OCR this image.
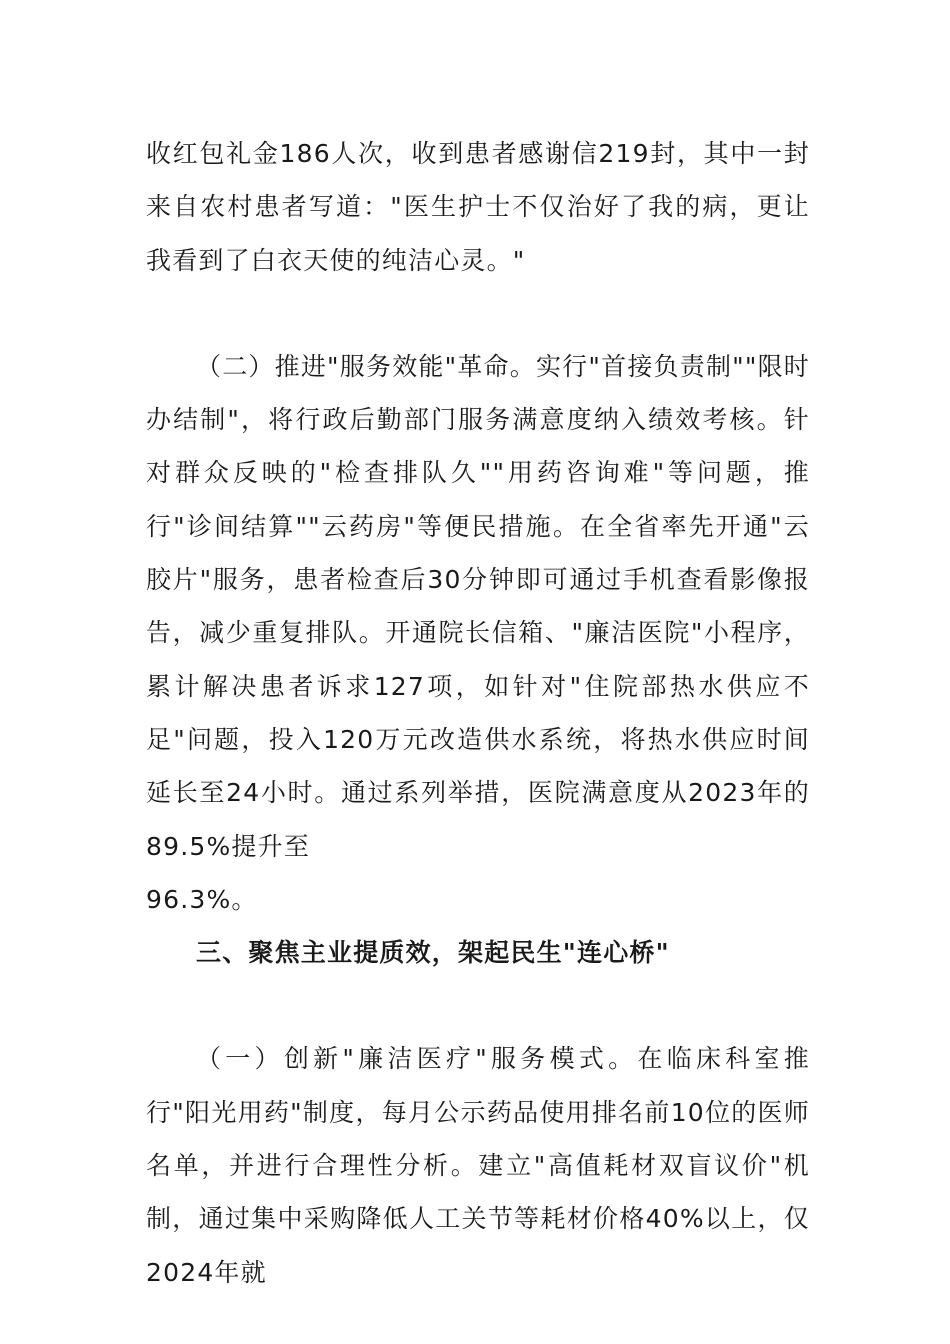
收红包礼金186人次，收到患者感谢信219封，其中一封来自农村患者写道："医生护士不仅治好了我的病，更让我看到了白衣天使的纯洁心灵。"

（二）推进"服务效能"革命。实行"首接负责制""限时办结制"，将行政后勤部门服务满意度纳入绩效考核。针对群众反映的"检查排队久""用药咨询难"等问题，推行"诊间结算""云药房"等便民措施。在全省率先开通"云胶片"服务，患者检查后30分钟即可通过手机查看影像报告，减少重复排队。开通院长信箱、"廉洁医院"小程序，累计解决患者诉求127项，如针对"住院部热水供应不足"问题，投入120万元改造供水系统，将热水供应时间延长至24小时。通过系列举措，医院满意度从2023年的89.5%提升至

96.3%。

三、聚焦主业提质效，架起民生"连心桥"

（一）创新"廉洁医疗"服务模式。在临床科室推行"阳光用药"制度，每月公示药品使用排名前10位的医师名单，并进行合理性分析。建立"高值耗材双盲议价"机制，通过集中采购降低人工关节等耗材价格40%以上，仅2024年就
